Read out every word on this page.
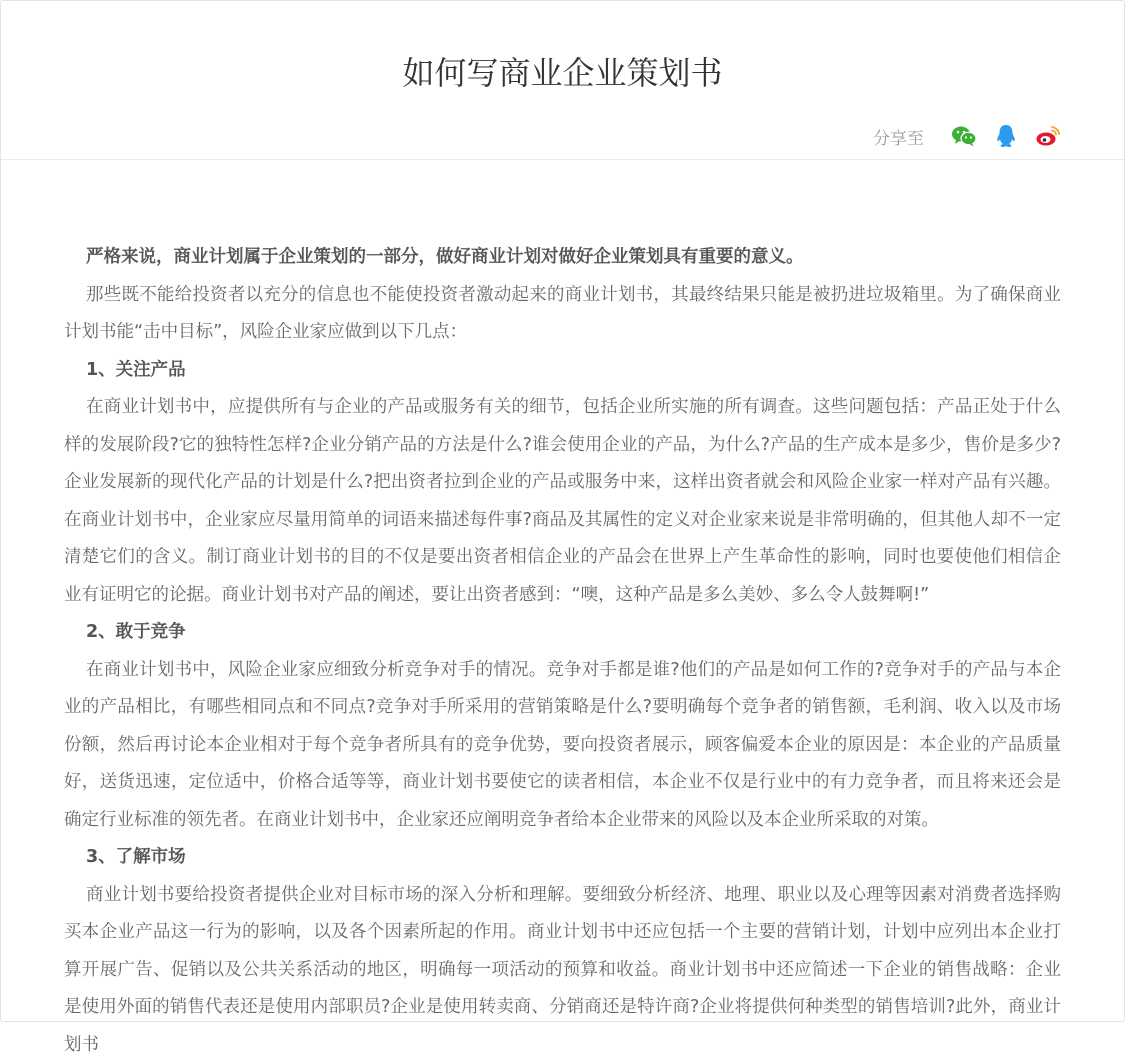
如何写商业企业策划书
分享至

严格来说，商业计划属于企业策划的一部分，做好商业计划对做好企业策划具有重要的意义。

那些既不能给投资者以充分的信息也不能使投资者激动起来的商业计划书，其最终结果只能是被扔进垃圾箱里。为了确保商业计划书能“击中目标”，风险企业家应做到以下几点：

1、关注产品

在商业计划书中，应提供所有与企业的产品或服务有关的细节，包括企业所实施的所有调查。这些问题包括：产品正处于什么样的发展阶段?它的独特性怎样?企业分销产品的方法是什么?谁会使用企业的产品，为什么?产品的生产成本是多少，售价是多少?企业发展新的现代化产品的计划是什么?把出资者拉到企业的产品或服务中来，这样出资者就会和风险企业家一样对产品有兴趣。在商业计划书中，企业家应尽量用简单的词语来描述每件事?商品及其属性的定义对企业家来说是非常明确的，但其他人却不一定清楚它们的含义。制订商业计划书的目的不仅是要出资者相信企业的产品会在世界上产生革命性的影响，同时也要使他们相信企业有证明它的论据。商业计划书对产品的阐述，要让出资者感到：“噢，这种产品是多么美妙、多么令人鼓舞啊!”

2、敢于竞争

在商业计划书中，风险企业家应细致分析竞争对手的情况。竞争对手都是谁?他们的产品是如何工作的?竞争对手的产品与本企业的产品相比，有哪些相同点和不同点?竞争对手所采用的营销策略是什么?要明确每个竞争者的销售额，毛利润、收入以及市场份额，然后再讨论本企业相对于每个竞争者所具有的竞争优势，要向投资者展示，顾客偏爱本企业的原因是：本企业的产品质量好，送货迅速，定位适中，价格合适等等，商业计划书要使它的读者相信，本企业不仅是行业中的有力竞争者，而且将来还会是确定行业标准的领先者。在商业计划书中，企业家还应阐明竞争者给本企业带来的风险以及本企业所采取的对策。

3、了解市场

商业计划书要给投资者提供企业对目标市场的深入分析和理解。要细致分析经济、地理、职业以及心理等因素对消费者选择购买本企业产品这一行为的影响，以及各个因素所起的作用。商业计划书中还应包括一个主要的营销计划，计划中应列出本企业打算开展广告、促销以及公共关系活动的地区，明确每一项活动的预算和收益。商业计划书中还应简述一下企业的销售战略：企业是使用外面的销售代表还是使用内部职员?企业是使用转卖商、分销商还是特许商?企业将提供何种类型的销售培训?此外，商业计划书
